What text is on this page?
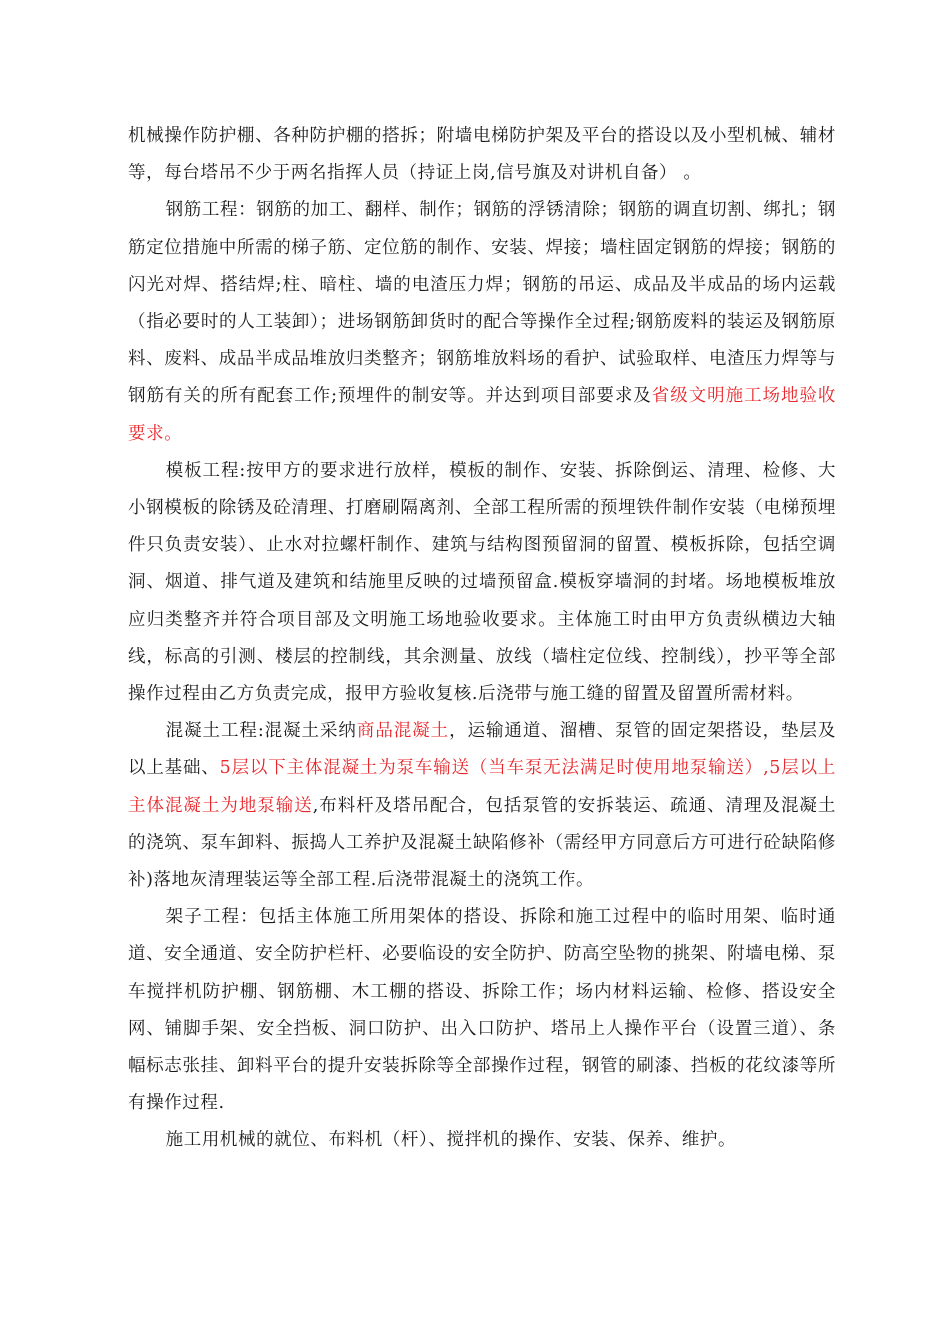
机械操作防护棚、各种防护棚的搭拆；附墙电梯防护架及平台的搭设以及小型机械、辅材等，每台塔吊不少于两名指挥人员（持证上岗,信号旗及对讲机自备） 。

钢筋工程：钢筋的加工、翻样、制作；钢筋的浮锈清除；钢筋的调直切割、绑扎；钢筋定位措施中所需的梯子筋、定位筋的制作、安装、焊接；墙柱固定钢筋的焊接；钢筋的闪光对焊、搭结焊;柱、暗柱、墙的电渣压力焊；钢筋的吊运、成品及半成品的场内运载（指必要时的人工装卸）；进场钢筋卸货时的配合等操作全过程;钢筋废料的装运及钢筋原料、废料、成品半成品堆放归类整齐；钢筋堆放料场的看护、试验取样、电渣压力焊等与钢筋有关的所有配套工作;预埋件的制安等。并达到项目部要求及省级文明施工场地验收要求。

模板工程:按甲方的要求进行放样，模板的制作、安装、拆除倒运、清理、检修、大小钢模板的除锈及砼清理、打磨刷隔离剂、全部工程所需的预埋铁件制作安装（电梯预埋件只负责安装）、止水对拉螺杆制作、建筑与结构图预留洞的留置、模板拆除，包括空调洞、烟道、排气道及建筑和结施里反映的过墙预留盒.模板穿墙洞的封堵。场地模板堆放应归类整齐并符合项目部及文明施工场地验收要求。主体施工时由甲方负责纵横边大轴线，标高的引测、楼层的控制线，其余测量、放线（墙柱定位线、控制线），抄平等全部操作过程由乙方负责完成，报甲方验收复核.后浇带与施工缝的留置及留置所需材料。

混凝土工程:混凝土采纳商品混凝土，运输通道、溜槽、泵管的固定架搭设，垫层及以上基础、5层以下主体混凝土为泵车输送（当车泵无法满足时使用地泵输送）,5层以上主体混凝土为地泵输送,布料杆及塔吊配合，包括泵管的安拆装运、疏通、清理及混凝土的浇筑、泵车卸料、振捣人工养护及混凝土缺陷修补（需经甲方同意后方可进行砼缺陷修补)落地灰清理装运等全部工程.后浇带混凝土的浇筑工作。

架子工程：包括主体施工所用架体的搭设、拆除和施工过程中的临时用架、临时通道、安全通道、安全防护栏杆、必要临设的安全防护、防高空坠物的挑架、附墙电梯、泵车搅拌机防护棚、钢筋棚、木工棚的搭设、拆除工作；场内材料运输、检修、搭设安全网、铺脚手架、安全挡板、洞口防护、出入口防护、塔吊上人操作平台（设置三道）、条幅标志张挂、卸料平台的提升安装拆除等全部操作过程，钢管的刷漆、挡板的花纹漆等所有操作过程.

施工用机械的就位、布料机（杆）、搅拌机的操作、安装、保养、维护。
